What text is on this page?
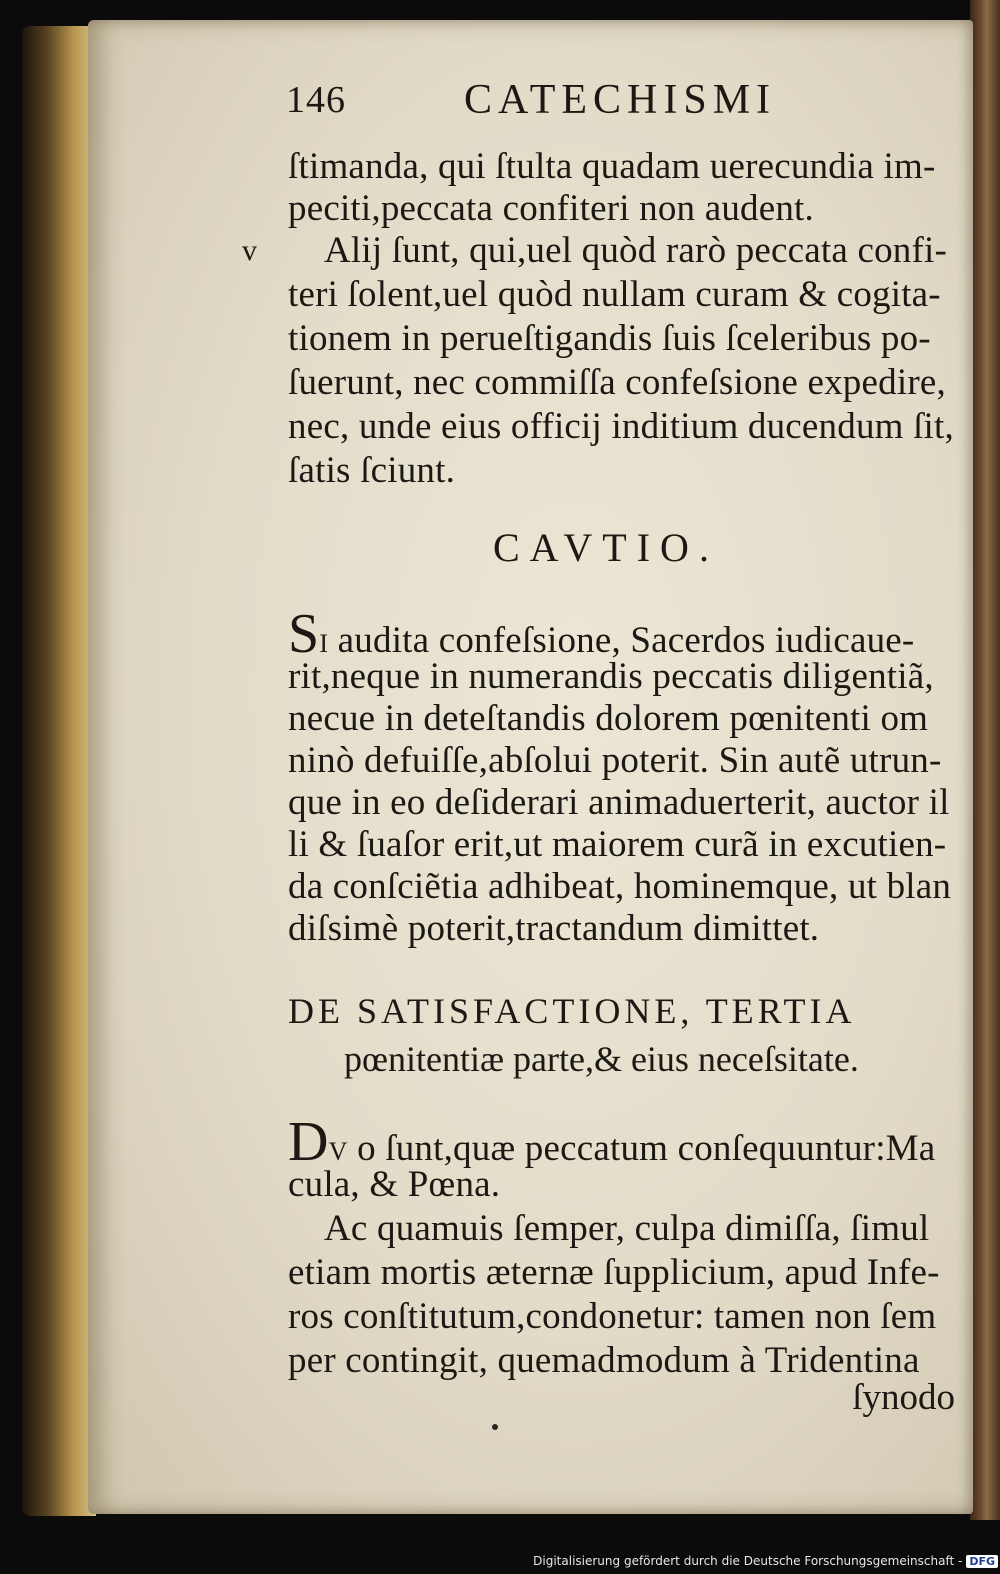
146	CATECHISMI
ſtimanda, qui ſtulta quadam uerecundia im-
peciti,peccata confiteri non audent.
v Alij ſunt, qui,uel quòd rarò peccata confi-
teri ſolent,uel quòd nullam curam & cogita-
tionem in perueſtigandis ſuis ſceleribus po-
ſuerunt, nec commiſſa confeſsione expedire,
nec, unde eius officij inditium ducendum ſit,
ſatis ſciunt.
CAVTIO.
SI audita confeſsione, Sacerdos iudicaue-
rit,neque in numerandis peccatis diligentiã,
necue in deteſtandis dolorem pœnitenti om
ninò defuiſſe,abſolui poterit. Sin autẽ utrun-
que in eo deſiderari animaduerterit, auctor il
li & ſuaſor erit,ut maiorem curã in excutien-
da conſciẽtia adhibeat, hominemque, ut blan
diſsimè poterit,tractandum dimittet.
DE SATISFACTIONE, TERTIA
pœnitentiæ parte,& eius neceſsitate.
DV o ſunt,quæ peccatum conſequuntur:Ma
cula, & Pœna.
Ac quamuis ſemper, culpa dimiſſa, ſimul
etiam mortis æternæ ſupplicium, apud Infe-
ros conſtitutum,condonetur: tamen non ſem
per contingit, quemadmodum à Tridentina
ſynodo
Digitalisierung gefördert durch die Deutsche Forschungsgemeinschaft - DFG
